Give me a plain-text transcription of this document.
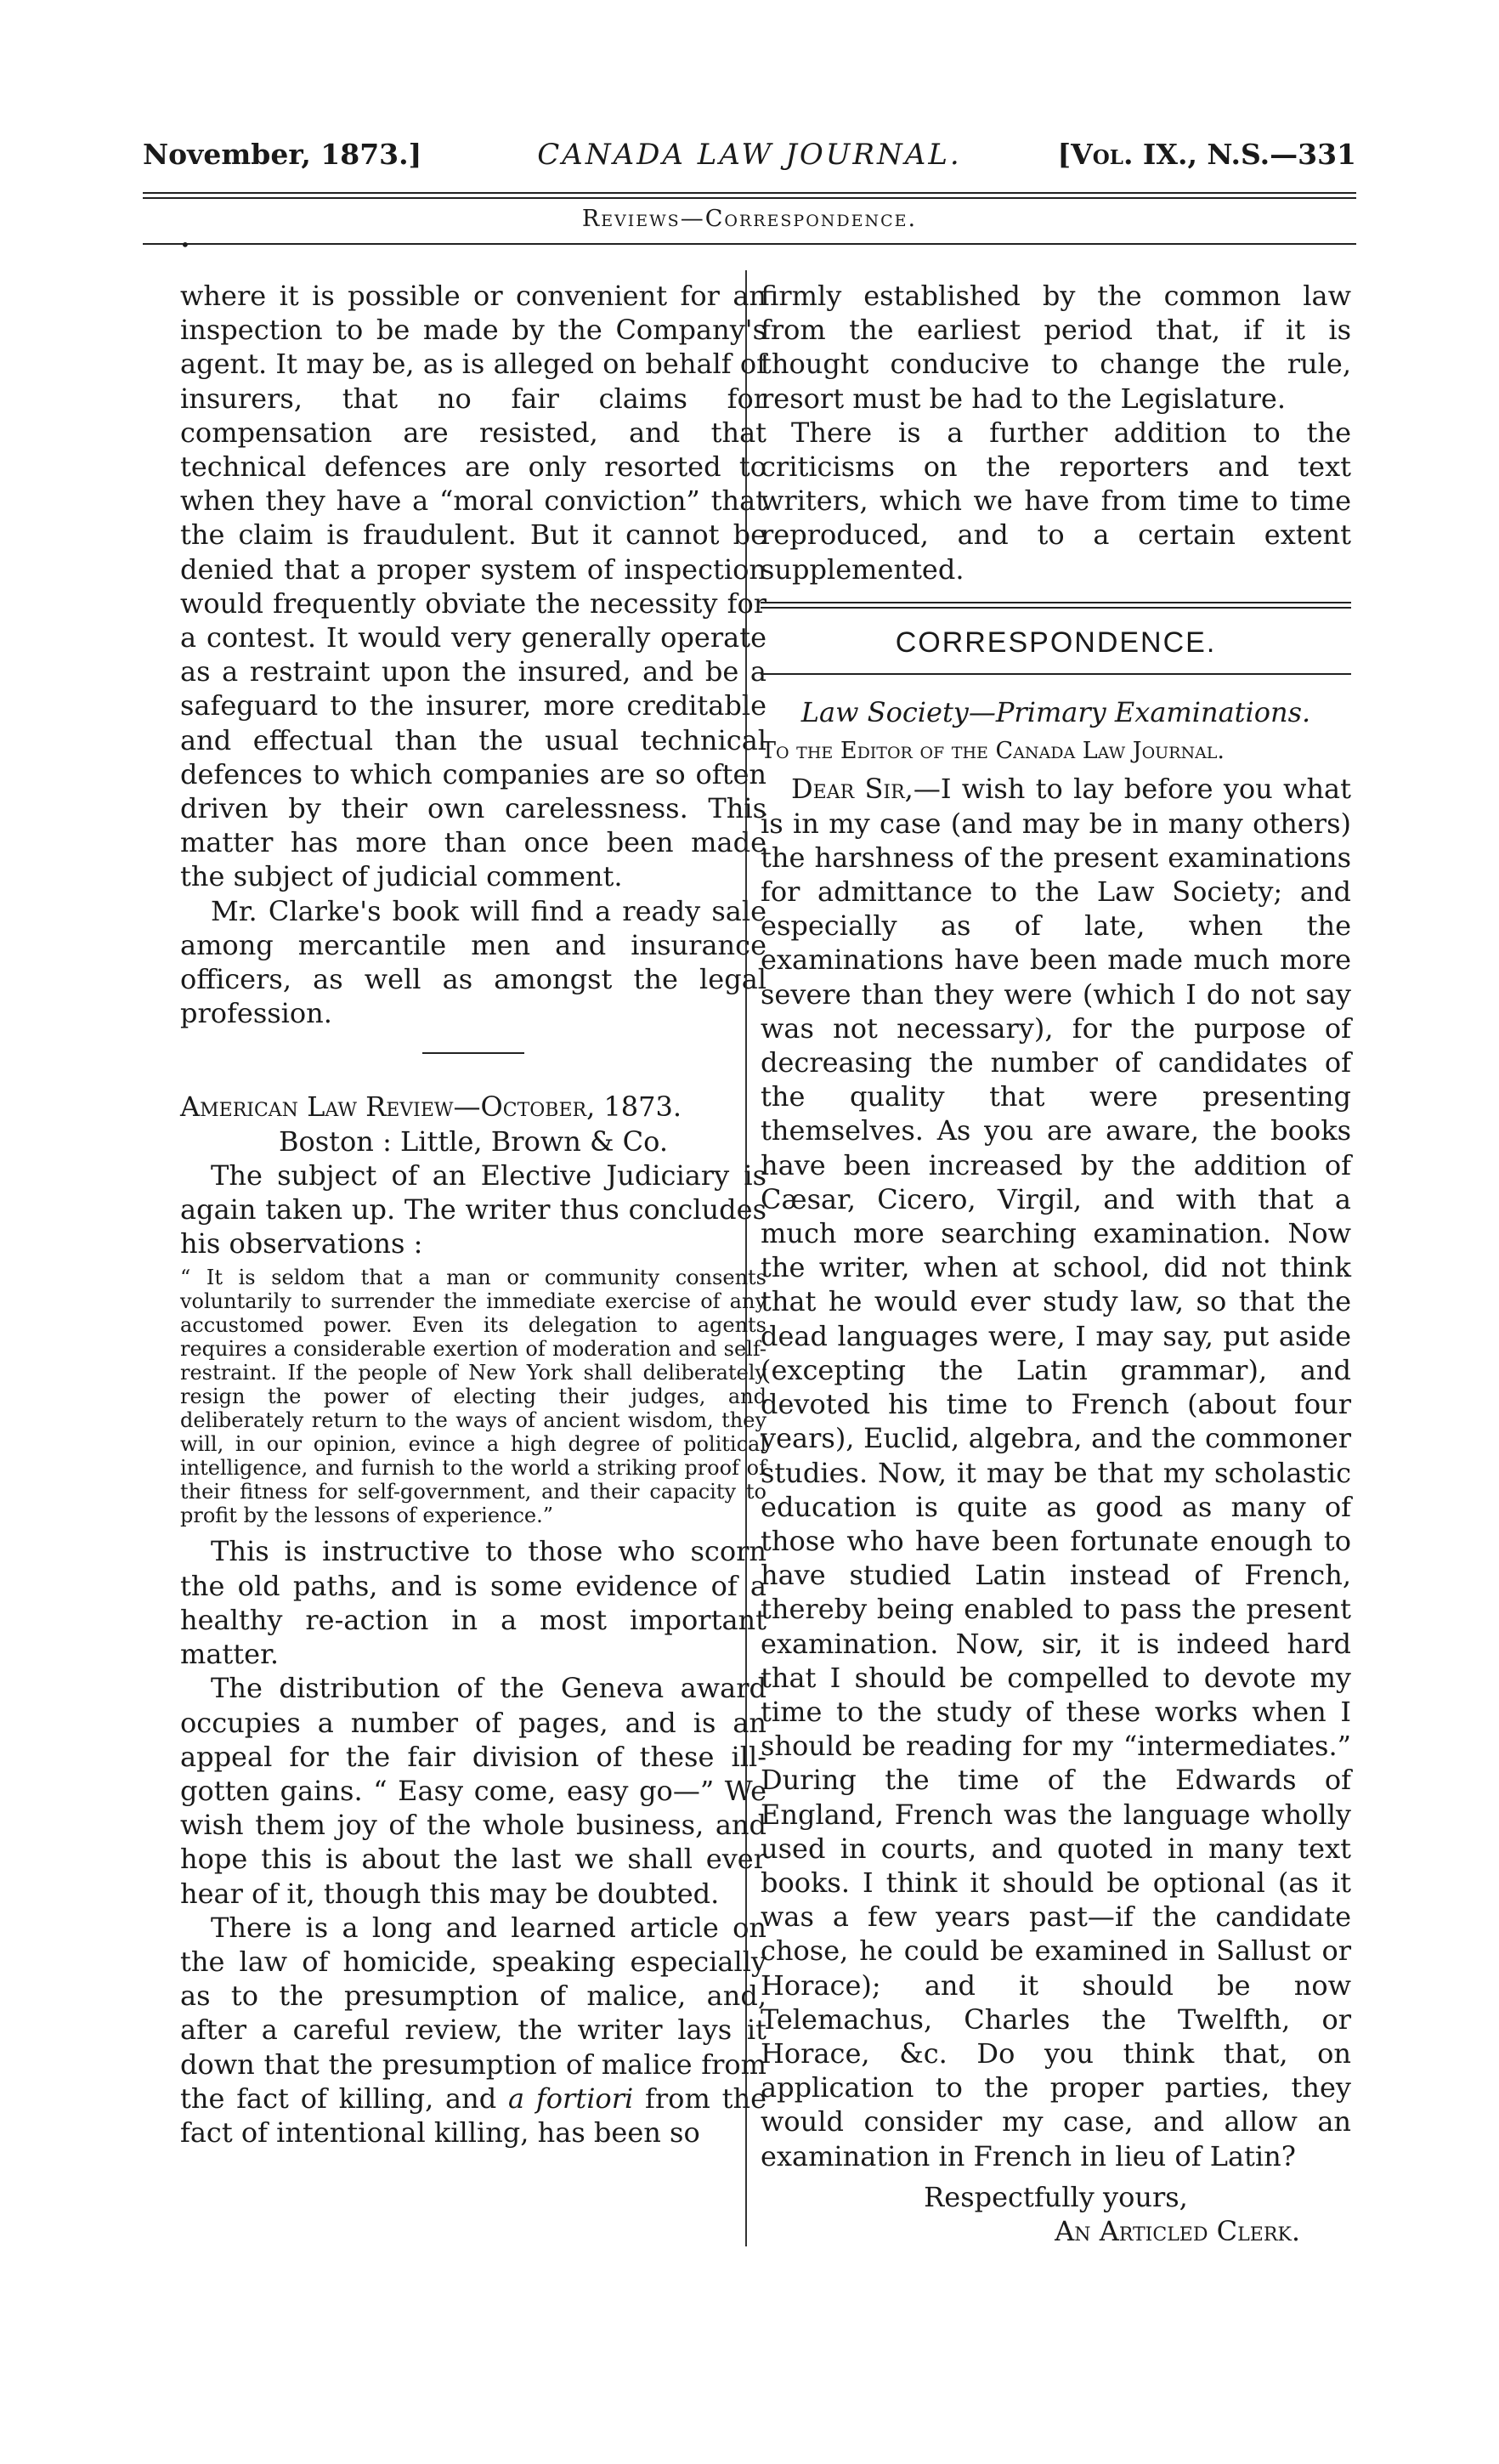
November, 1873.]	CANADA LAW JOURNAL.	[Vol. IX., N.S.—331
Reviews—Correspondence.
•

where it is possible or convenient for an inspection to be made by the Company's agent. It may be, as is alleged on behalf of insurers, that no fair claims for compensation are resisted, and that technical defences are only resorted to when they have a “moral conviction” that the claim is fraudulent. But it cannot be denied that a proper system of inspection would frequently obviate the necessity for a contest. It would very generally operate as a restraint upon the insured, and be a safeguard to the insurer, more creditable and effectual than the usual technical defences to which companies are so often driven by their own carelessness. This matter has more than once been made the subject of judicial comment.

Mr. Clarke's book will find a ready sale among mercantile men and insurance officers, as well as amongst the legal profession.

American Law Review—October, 1873.

Boston : Little, Brown & Co.

The subject of an Elective Judiciary is again taken up. The writer thus concludes his observations :

“ It is seldom that a man or community consents voluntarily to surrender the immediate exercise of any accustomed power. Even its delegation to agents requires a considerable exertion of moderation and self-restraint. If the people of New York shall deliberately resign the power of electing their judges, and deliberately return to the ways of ancient wisdom, they will, in our opinion, evince a high degree of political intelligence, and furnish to the world a striking proof of their fitness for self-government, and their capacity to profit by the lessons of experience.”

This is instructive to those who scorn the old paths, and is some evidence of a healthy re-action in a most important matter.

The distribution of the Geneva award occupies a number of pages, and is an appeal for the fair division of these ill-gotten gains. “ Easy come, easy go—” We wish them joy of the whole business, and hope this is about the last we shall ever hear of it, though this may be doubted.

There is a long and learned article on the law of homicide, speaking especially as to the presumption of malice, and, after a careful review, the writer lays it down that the presumption of malice from the fact of killing, and a fortiori from the fact of intentional killing, has been so

firmly established by the common law from the earliest period that, if it is thought conducive to change the rule, resort must be had to the Legislature.

There is a further addition to the criticisms on the reporters and text writers, which we have from time to time reproduced, and to a certain extent supplemented.

CORRESPONDENCE.

Law Society—Primary Examinations.

To the Editor of the Canada Law Journal.

Dear Sir,—I wish to lay before you what is in my case (and may be in many others) the harshness of the present examinations for admittance to the Law Society; and especially as of late, when the examinations have been made much more severe than they were (which I do not say was not necessary), for the purpose of decreasing the number of candidates of the quality that were presenting themselves. As you are aware, the books have been increased by the addition of Cæsar, Cicero, Virgil, and with that a much more searching examination. Now the writer, when at school, did not think that he would ever study law, so that the dead languages were, I may say, put aside (excepting the Latin grammar), and devoted his time to French (about four years), Euclid, algebra, and the commoner studies. Now, it may be that my scholastic education is quite as good as many of those who have been fortunate enough to have studied Latin instead of French, thereby being enabled to pass the present examination. Now, sir, it is indeed hard that I should be compelled to devote my time to the study of these works when I should be reading for my “intermediates.” During the time of the Edwards of England, French was the language wholly used in courts, and quoted in many text books. I think it should be optional (as it was a few years past—if the candidate chose, he could be examined in Sallust or Horace); and it should be now Telemachus, Charles the Twelfth, or Horace, &c. Do you think that, on application to the proper parties, they would consider my case, and allow an examination in French in lieu of Latin?

Respectfully yours,

An Articled Clerk.
